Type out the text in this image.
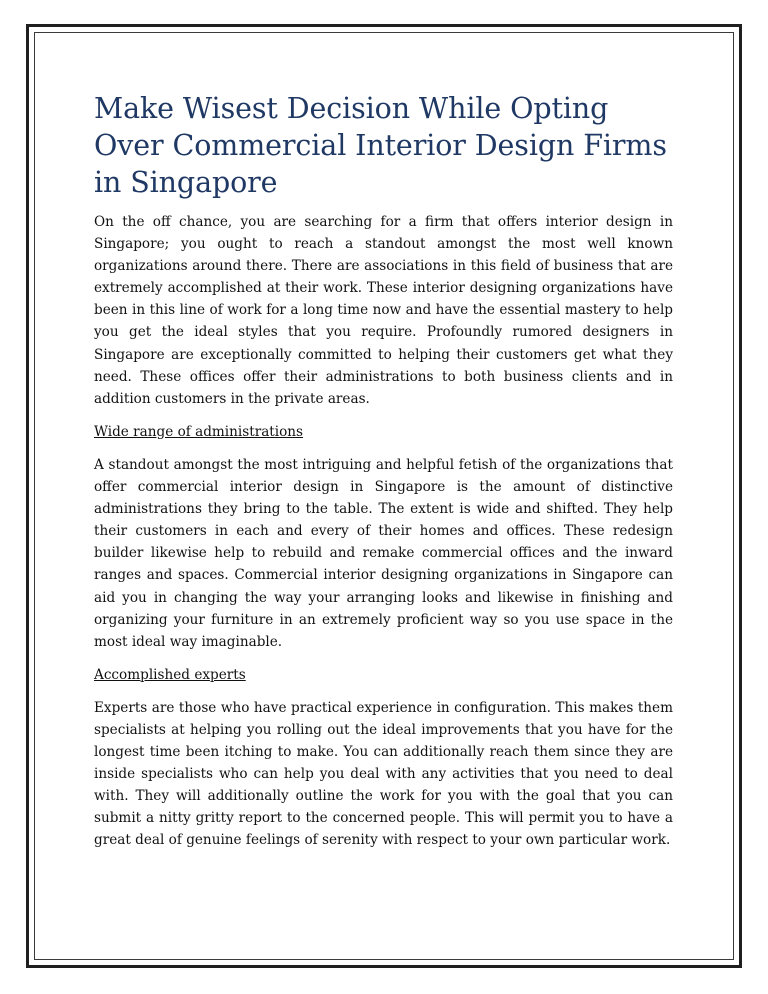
Make Wisest Decision While Opting Over Commercial Interior Design Firms in Singapore

On the off chance, you are searching for a firm that offers interior design in Singapore; you ought to reach a standout amongst the most well known organizations around there. There are associations in this field of business that are extremely accomplished at their work. These interior designing organizations have been in this line of work for a long time now and have the essential mastery to help you get the ideal styles that you require. Profoundly rumored designers in Singapore are exceptionally committed to helping their customers get what they need. These offices offer their administrations to both business clients and in addition customers in the private areas.

Wide range of administrations

A standout amongst the most intriguing and helpful fetish of the organizations that offer commercial interior design in Singapore is the amount of distinctive administrations they bring to the table. The extent is wide and shifted. They help their customers in each and every of their homes and offices. These redesign builder likewise help to rebuild and remake commercial offices and the inward ranges and spaces. Commercial interior designing organizations in Singapore can aid you in changing the way your arranging looks and likewise in finishing and organizing your furniture in an extremely proficient way so you use space in the most ideal way imaginable.

Accomplished experts

Experts are those who have practical experience in configuration. This makes them specialists at helping you rolling out the ideal improvements that you have for the longest time been itching to make. You can additionally reach them since they are inside specialists who can help you deal with any activities that you need to deal with. They will additionally outline the work for you with the goal that you can submit a nitty gritty report to the concerned people. This will permit you to have a great deal of genuine feelings of serenity with respect to your own particular work.
